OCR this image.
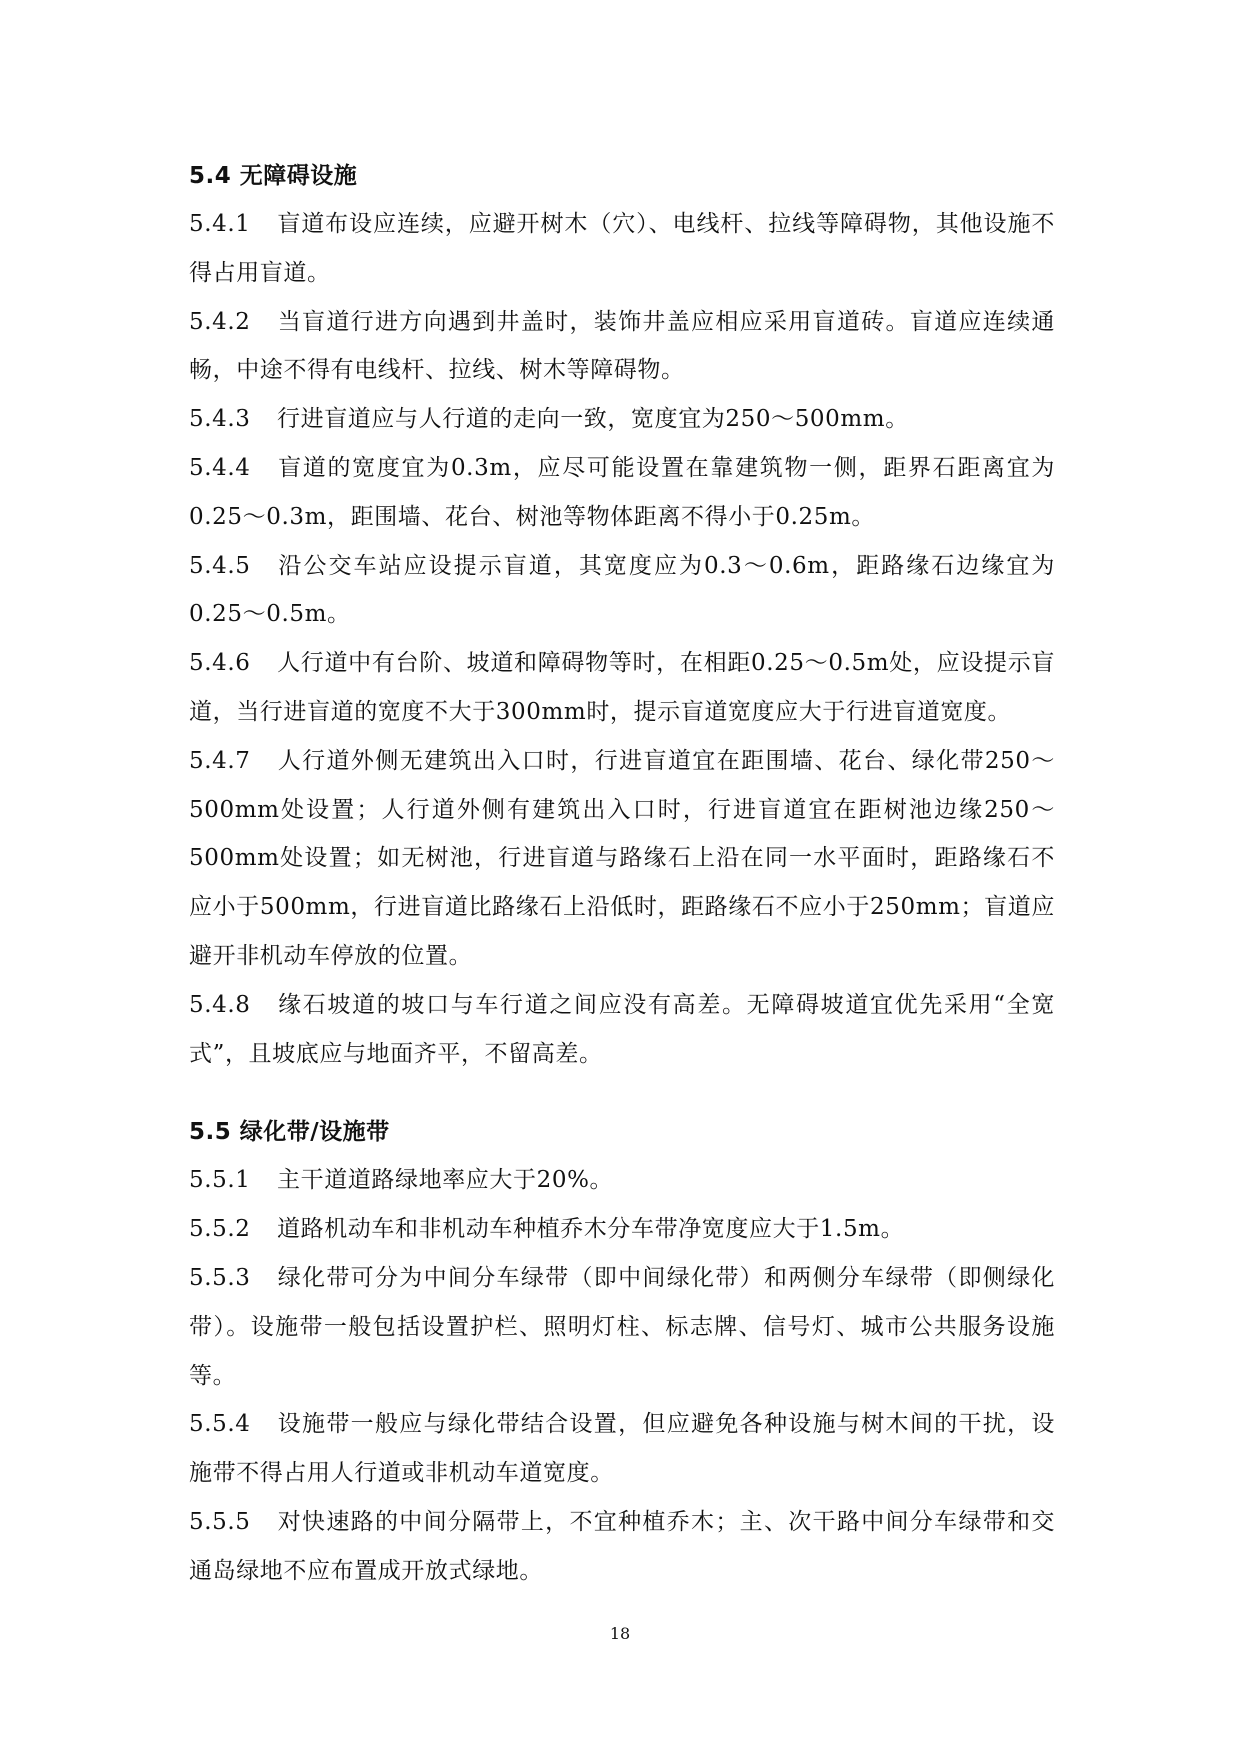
5.4 无障碍设施

5.4.1 盲道布设应连续，应避开树木（穴）、电线杆、拉线等障碍物，其他设施不得占用盲道。

5.4.2 当盲道行进方向遇到井盖时，装饰井盖应相应采用盲道砖。盲道应连续通畅，中途不得有电线杆、拉线、树木等障碍物。

5.4.3 行进盲道应与人行道的走向一致，宽度宜为250～500mm。

5.4.4 盲道的宽度宜为0.3m，应尽可能设置在靠建筑物一侧，距界石距离宜为0.25～0.3m，距围墙、花台、树池等物体距离不得小于0.25m。

5.4.5 沿公交车站应设提示盲道，其宽度应为0.3～0.6m，距路缘石边缘宜为0.25～0.5m。

5.4.6 人行道中有台阶、坡道和障碍物等时，在相距0.25～0.5m处，应设提示盲道，当行进盲道的宽度不大于300mm时，提示盲道宽度应大于行进盲道宽度。

5.4.7 人行道外侧无建筑出入口时，行进盲道宜在距围墙、花台、绿化带250～500mm处设置；人行道外侧有建筑出入口时，行进盲道宜在距树池边缘250～500mm处设置；如无树池，行进盲道与路缘石上沿在同一水平面时，距路缘石不应小于500mm，行进盲道比路缘石上沿低时，距路缘石不应小于250mm；盲道应避开非机动车停放的位置。

5.4.8 缘石坡道的坡口与车行道之间应没有高差。无障碍坡道宜优先采用“全宽式”，且坡底应与地面齐平，不留高差。

5.5 绿化带/设施带

5.5.1 主干道道路绿地率应大于20%。

5.5.2 道路机动车和非机动车种植乔木分车带净宽度应大于1.5m。

5.5.3 绿化带可分为中间分车绿带（即中间绿化带）和两侧分车绿带（即侧绿化带）。设施带一般包括设置护栏、照明灯柱、标志牌、信号灯、城市公共服务设施等。

5.5.4 设施带一般应与绿化带结合设置，但应避免各种设施与树木间的干扰，设施带不得占用人行道或非机动车道宽度。

5.5.5 对快速路的中间分隔带上，不宜种植乔木；主、次干路中间分车绿带和交通岛绿地不应布置成开放式绿地。

18
